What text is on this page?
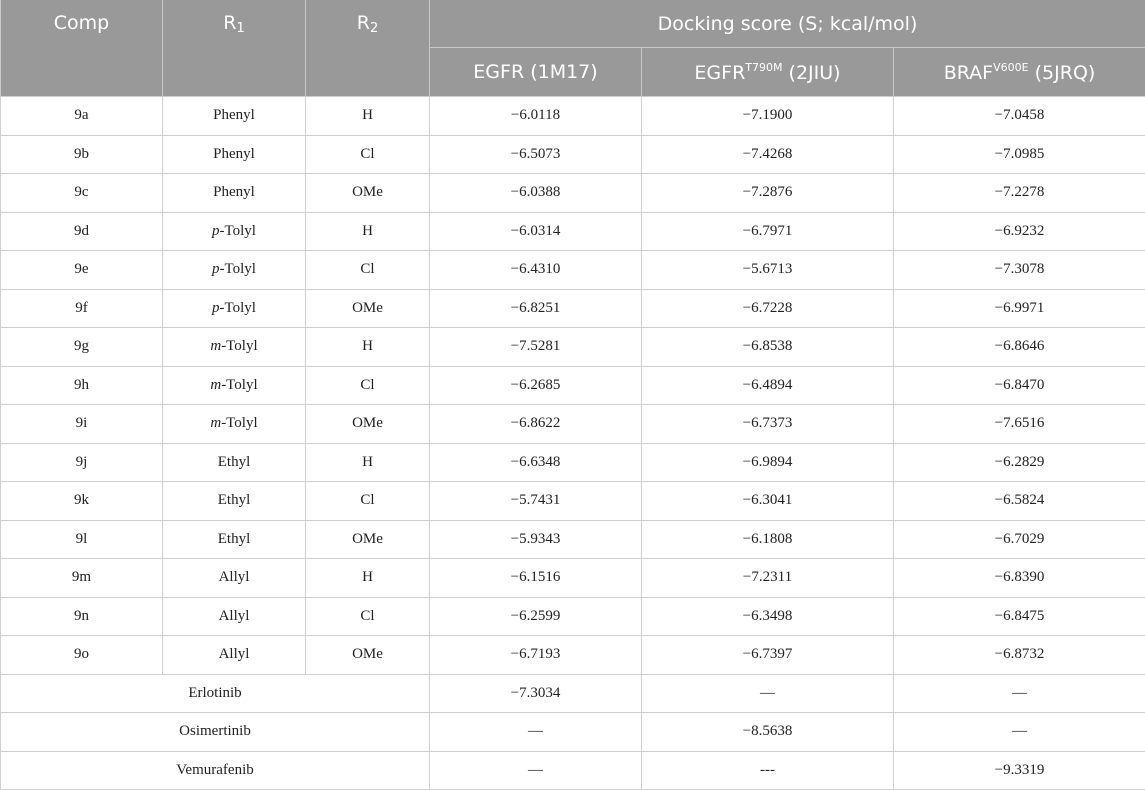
Comp	$R_1$	$R_2$	Docking score (S; kcal/mol)		
			EGFR (1M17)	$EGFR^{T790M}$ (2JIU)	$BRAF^{V600E}$ (5JRQ)
9a	Phenyl	H	−6.0118	−7.1900	−7.0458
9b	Phenyl	Cl	−6.5073	−7.4268	−7.0985
9c	Phenyl	OMe	−6.0388	−7.2876	−7.2278
9d	p-Tolyl	H	−6.0314	−6.7971	−6.9232
9e	p-Tolyl	Cl	−6.4310	−5.6713	−7.3078
9f	p-Tolyl	OMe	−6.8251	−6.7228	−6.9971
9g	m-Tolyl	H	−7.5281	−6.8538	−6.8646
9h	m-Tolyl	Cl	−6.2685	−6.4894	−6.8470
9i	m-Tolyl	OMe	−6.8622	−6.7373	−7.6516
9j	Ethyl	H	−6.6348	−6.9894	−6.2829
9k	Ethyl	Cl	−5.7431	−6.3041	−6.5824
9l	Ethyl	OMe	−5.9343	−6.1808	−6.7029
9m	Allyl	H	−6.1516	−7.2311	−6.8390
9n	Allyl	Cl	−6.2599	−6.3498	−6.8475
9o	Allyl	OMe	−6.7193	−6.7397	−6.8732
Erlotinib			−7.3034	—	—
Osimertinib			—	−8.5638	—
Vemurafenib			—	---	−9.3319
